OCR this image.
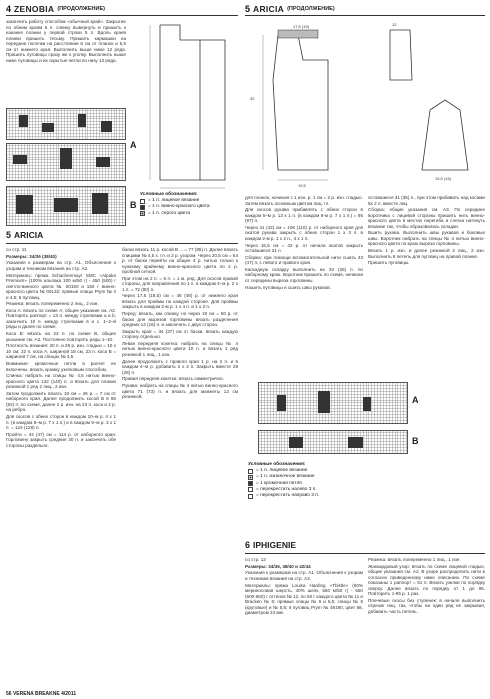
4 ZENOBIA (ПРОДОЛЖЕНИЕ)	5 ARICIA (ПРОДОЛЖЕНИЕ)

закончить работу способом «обычный край». Закрытие по обеим краям 5 п. спинку вывернуть и пришить к изнанке планки у первой строки 5 п. Вдоль краев планки пришить тесьму. Пришить кармашки на передние полочки на расстоянии 6 см от планок и 5,5 см от нижнего края. Выполнить выше ниже 12 ряда. Пришить пуговицы сразу же к уголку. Выполнить выше ниже пуговицы и их скрытые петли по низу 13 ряда.

A
B
Условные обозначения:
= 1 п. лицевое вязание
= 1 п. винно-красного цвета
= 1 п. серого цвета
5 ARICIA

со стр. 11

Размеры: 34/36 (38/40)

Указания к размерам на стр. A1. Объяснения к узорам и техникам вязания на стр. A2.

Материалы: пряжа Schachenmayr SMC «Alpaka Premium» (100% альпака 100 м/50 г) - 450 (500) г светло-винного цвета № 00150 и 150 г винно-красного цвета № 00132; прямые спицы Prym № 4 и 4,5; 6 пуговиц.

Резинка: вязать попеременно 2 лиц., 2 изн.

Коса А: вязать по схеме А, общее указание см. А2. Повторять раппорт = 13 п. между стрелками а и b, закончить 10 п. между стрелками в и с. 1–2–й ряды и далее по схеме.

Коса В: вязать на 23 п. по схеме В, общее указание см. А2. Постоянно повторять ряды 1–10.

Плотность вязания: 20 п. и 26 р. изн. гладью = 10 x 10 см; 22 п. коса A, шириной 18 см, 23 п. коса B = шириной 7 см, на спицах № 4,5.

Внимание: кромочные петли в расчет не включены, вязать кромку узелковым способом.

Спинка: набрать на спицы № 4,5 нитью винно-красного цвета 132 (140) п. и вязать для планки резинкой 1 ряд 2 лиц., 2 изн.

Затем продолжить вязать 18 см = 46 р. = 7 см от наборного края. Далее продолжить косой В в 86 (92) п. по схеме, далее 2 р. изн. на 23 п. коса и 2 р. на ребро.

Для скосов с обеих сторон в каждом 10–м р. 4 x 1 п. (в каждом 8–м р. 7 x 1 п.) и в каждом 6–м р. 3 x 1 п. = 124 (128) п.

Пройти = 44 (47) см = 114 р. от наборного края. Горловину закрыть средние 30 п. и закончить обе стороны раздельно.

баски вязать 11 р. косой В ... = 77 (85) п. Далее вязать спицами № 4,5 х. гл. и 2 р. узором. Через 20,5 см = 54 р. от баски перейти на общее 4 р. нитью только к нужному крайнему винно-красного цвета по 2 р. пробной сеткой.

При этом на 2 п. = 5 п. = 1 м. ряд. Для скосов правой стороны, для направления по 1 п. в каждом 4–м р. 2 x 1 п. = 72 (80) п.

Через 17,5 (18,5) см = 46 (48) р. от нижнего края вязать для проймы по каждой стороне. Для проймы закрыть в каждом 2-м р. 1 x 4 п. и 1 x 2 п.

Перед: вязать, как спинку, но через 19 см = 50 р. от баски для вырезов горловины вязать разделения средних 14 (16) п. и закончить с двух сторон.

Закрыть края = 34 (37) см от баски, вязать каждую сторону отдельно.

Левая передняя кокетка: набрать на спицы № 4 нитью винно-красного цвета 10 п. и вязать 1 ряд резинкой 1 лиц., 1 изн.

Далее продолжить с правого края 1 р. на 2 п. и в каждом 4–м р. добавить 2 x 2 п. Закрыть вместе 28 (28) п.

Правая передняя кокетка: вязать симметрично.

Рукава: набрать на спицы № 4 нитью винно-красного цвета 71 (73) п. и вязать для манжеты 13 см резинкой.

32
17,5 (19)
19,5
12
15,5 (16)

для планок, начиная с 1 изн. р. 1 см = 2 р. изн. гладью. Затем вязать основным цветом лиц. гл.

Для скосов рукава прибавлять с обеих сторон в каждом 6–м р. 12 x 1 п. (в каждом 8-м р. 7 x 1 п.) = 95 (97) п.

Через 41 (42) см = 106 (110) р. от наборного края для окатов рукава закрыть с обеих сторон 1 x 3 п. в каждом 2-м р. 1 x 2 п., 4 x 1 п.

Через 16,5 см = 42 р. от начала окатов закрыть оставшиеся 21 п.

Сборка: при помощи вспомогательной нити сшить 43 (47) п. с левого и правого края.

Каскадную складку выполнить на 33 (35) п. по наборному краю. Воротник пришить по схеме, начиная от середины выреза горловины.

Нашить пуговицы и сшить швы рукавов.

оставшиеся 31 (35) п., при этом прибавить над косами 5х 2 п. вместе лиц.

Сборка: общие указания см. А3. По середине воротника с лицевой стороны пришить нить винно-красного цвета в местах перегиба и слегка натянуть вязание так, чтобы образовались складки.

Вшить рукава. Выполнить швы рукавов и боковые швы. Воротник набрать на спицы № 4 нитью винно-красного цвета по краю выреза горловины.

Вязать 1 р. изн. и далее резинкой 2 лиц., 2 изн. Выполнить 8 петель для пуговиц на правой планке.

Пришить пуговицы.

A
B
Условные обозначения:
= 1 п. лицевое вязание
= 1 п. изнаночное вязание
= 1 кромочная петля
= перекрестить налево 3 п.
= перекрестить направо 3 п.
6 IPHIGENIE

со стр. 12

Размеры: 34/36, 38/40 и 42/44

Указания к размерам на стр. A1. Объяснения к узорам и техникам вязания на стр. A2.

Материалы: пряжа Louisa Harding «Thistle» (60% мериносовая шерсть, 40% шелк, 550 м/50 г) - 550 (600-650) г оттенок № 12, по 50 г каждого цвета № 11 и Bracken № 6; прямые спицы № 5 и 5,5; спицы № 5 (круговые) и № 5,5; 6 пуговиц Prym № 49190, цвет 88, диаметром 24 мм.

Резинка: вязать попеременно 1 лиц., 1 изн.

Жаккардовый узор: вязать по схеме лицевой гладью, общие указания см. А2. В узоре распределить нити в согласно приведенному ниже описанию. По схеме показаны 1 раппорт = 51 п. Вязать узелки по порядку сверху. Далее вязать по порядку от 1 до 95. Повторить 1-95 р. 1 раз.

Плечевые скосы без ступенек: в начале выполнить отрезок лиц. так, чтобы ни один ряд не закрывая, добавить часть петель.

56 VERENA BREAKNE 4/2011
